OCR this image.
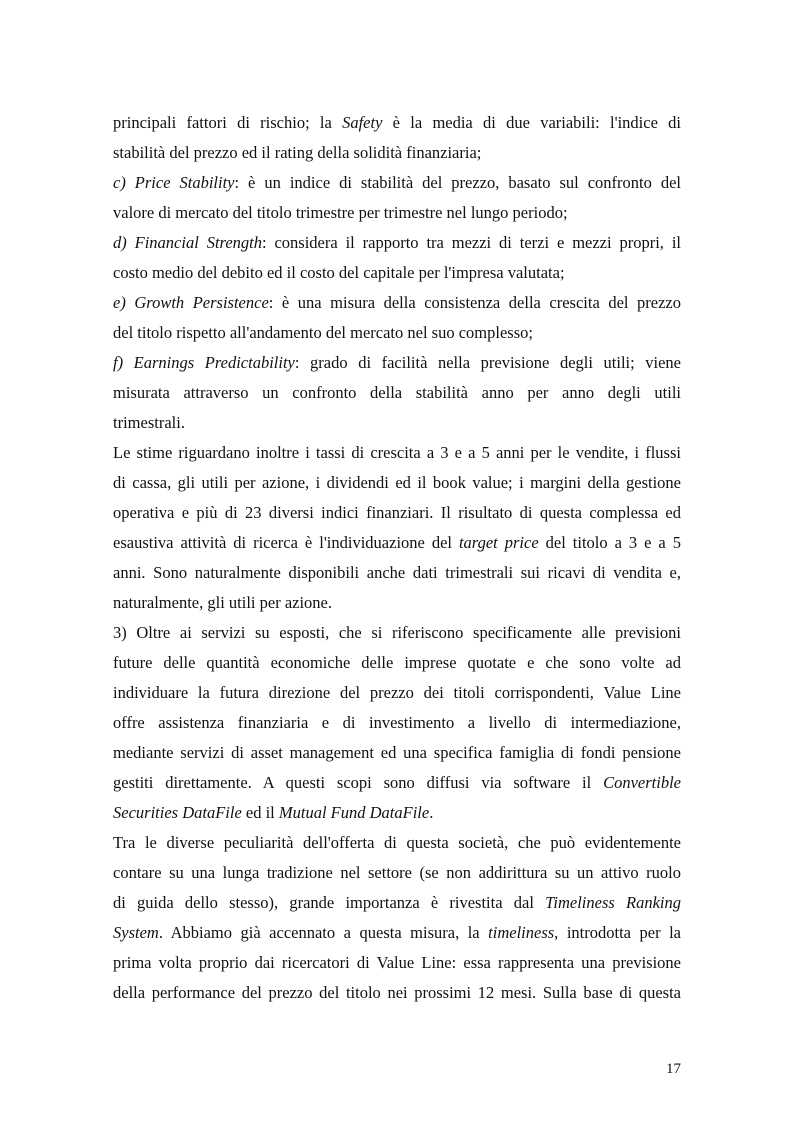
principali fattori di rischio; la Safety è la media di due variabili: l'indice di
stabilità del prezzo ed il rating della solidità finanziaria;
c) Price Stability: è un indice di stabilità del prezzo, basato sul confronto del
valore di mercato del titolo trimestre per trimestre nel lungo periodo;
d) Financial Strength: considera il rapporto tra mezzi di terzi e mezzi propri, il
costo medio del debito ed il costo del capitale per l'impresa valutata;
e) Growth Persistence: è una misura della consistenza della crescita del prezzo
del titolo rispetto all'andamento del mercato nel suo complesso;
f) Earnings Predictability: grado di facilità nella previsione degli utili; viene
misurata attraverso un confronto della stabilità anno per anno degli utili
trimestrali.
Le stime riguardano inoltre i tassi di crescita a 3 e a 5 anni per le vendite, i flussi
di cassa, gli utili per azione, i dividendi ed il book value; i margini della gestione
operativa e più di 23 diversi indici finanziari. Il risultato di questa complessa ed
esaustiva attività di ricerca è l'individuazione del target price del titolo a 3 e a 5
anni. Sono naturalmente disponibili anche dati trimestrali sui ricavi di vendita e,
naturalmente, gli utili per azione.
3) Oltre ai servizi su esposti, che si riferiscono specificamente alle previsioni
future delle quantità economiche delle imprese quotate e che sono volte ad
individuare la futura direzione del prezzo dei titoli corrispondenti, Value Line
offre assistenza finanziaria e di investimento a livello di intermediazione,
mediante servizi di asset management ed una specifica famiglia di fondi pensione
gestiti direttamente. A questi scopi sono diffusi via software il Convertible
Securities DataFile ed il Mutual Fund DataFile.
Tra le diverse peculiarità dell'offerta di questa società, che può evidentemente
contare su una lunga tradizione nel settore (se non addirittura su un attivo ruolo
di guida dello stesso), grande importanza è rivestita dal Timeliness Ranking
System. Abbiamo già accennato a questa misura, la timeliness, introdotta per la
prima volta proprio dai ricercatori di Value Line: essa rappresenta una previsione
della performance del prezzo del titolo nei prossimi 12 mesi. Sulla base di questa
17
